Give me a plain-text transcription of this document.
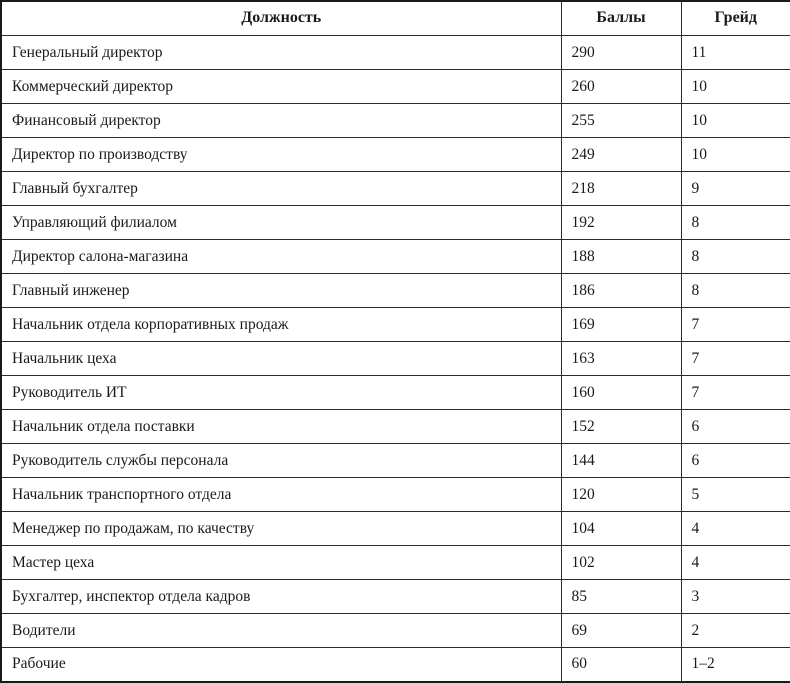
Должность	Баллы	Грейд
Генеральный директор	290	11
Коммерческий директор	260	10
Финансовый директор	255	10
Директор по производству	249	10
Главный бухгалтер	218	9
Управляющий филиалом	192	8
Директор салона-магазина	188	8
Главный инженер	186	8
Начальник отдела корпоративных продаж	169	7
Начальник цеха	163	7
Руководитель ИТ	160	7
Начальник отдела поставки	152	6
Руководитель службы персонала	144	6
Начальник транспортного отдела	120	5
Менеджер по продажам, по качеству	104	4
Мастер цеха	102	4
Бухгалтер, инспектор отдела кадров	85	3
Водители	69	2
Рабочие	60	1–2
